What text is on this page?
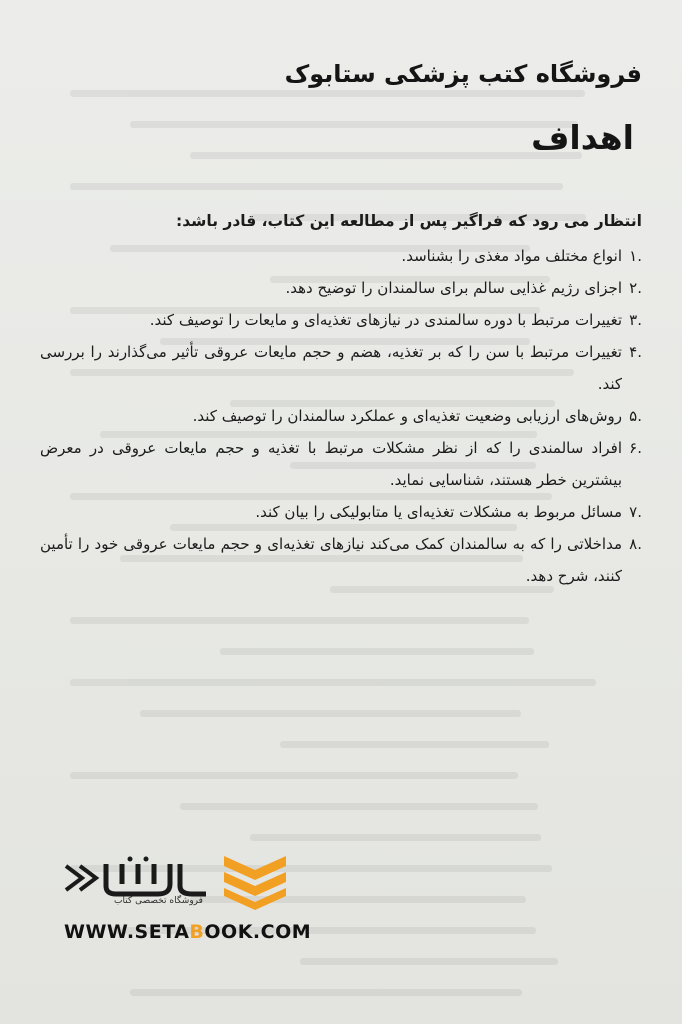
فروشگاه کتب پزشکی ستابوک
اهداف

انتظار می رود که فراگیر پس از مطالعه این کتاب، قادر باشد:

.۱
انواع مختلف مواد مغذی را بشناسد.
.۲
اجزای رژیم غذایی سالم برای سالمندان را توضیح دهد.
.۳
تغییرات مرتبط با دوره سالمندی در نیازهای تغذیه‌ای و مایعات را توصیف کند.
.۴
تغییرات مرتبط با سن را که بر تغذیه، هضم و حجم مایعات عروقی تأثیر می‌گذارند را بررسی کند.
.۵
روش‌های ارزیابی وضعیت تغذیه‌ای و عملکرد سالمندان را توصیف کند.
.۶
افراد سالمندی را که از نظر مشکلات مرتبط با تغذیه و حجم مایعات عروقی در معرض بیشترین خطر هستند، شناسایی نماید.
.۷
مسائل مربوط به مشکلات تغذیه‌ای یا متابولیکی را بیان کند.
.۸
مداخلاتی را که به سالمندان کمک می‌کند نیازهای تغذیه‌ای و حجم مایعات عروقی خود را تأمین کنند، شرح دهد.
فروشگاه تخصصی کتاب
WWW.SETABOOK.COM
